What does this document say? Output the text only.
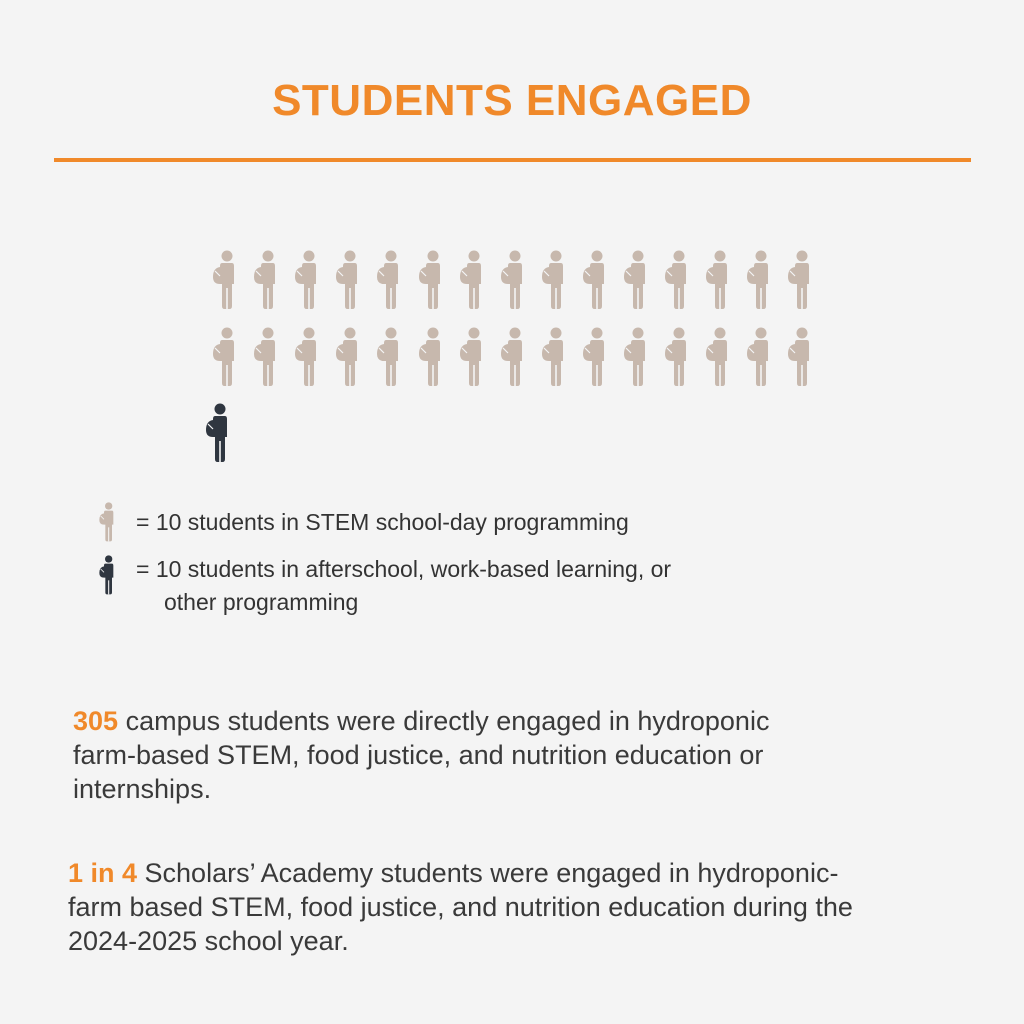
STUDENTS ENGAGED
= 10 students in STEM school-day programming
= 10 students in afterschool, work-based learning, or
other programming
305 campus students were directly engaged in hydroponic
farm-based STEM, food justice, and nutrition education or
internships.
1 in 4 Scholars’ Academy students were engaged in hydroponic-
farm based STEM, food justice, and nutrition education during the
2024-2025 school year.
